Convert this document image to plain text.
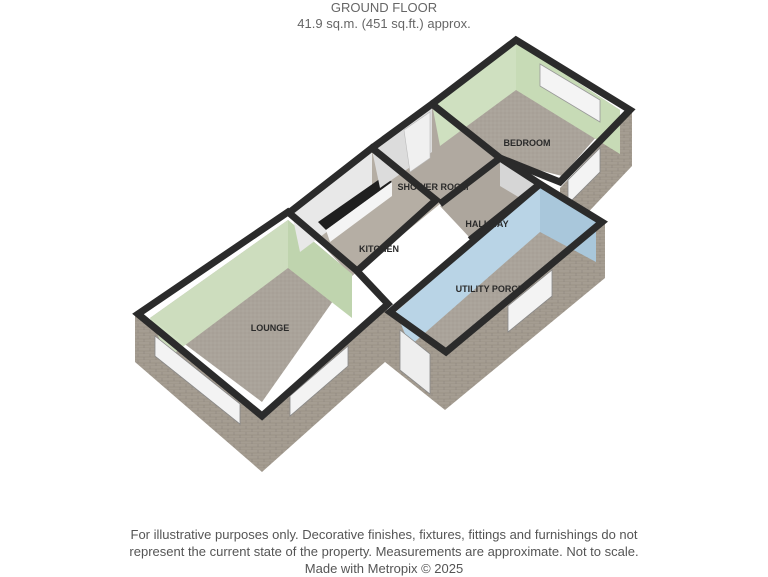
GROUND FLOOR
41.9 sq.m. (451 sq.ft.) approx.
LOUNGE
KITCHEN
SHOWER ROOM
HALLWAY
BEDROOM
UTILITY PORCH
For illustrative purposes only. Decorative finishes, fixtures, fittings and furnishings do not
represent the current state of the property. Measurements are approximate. Not to scale.
Made with Metropix © 2025
